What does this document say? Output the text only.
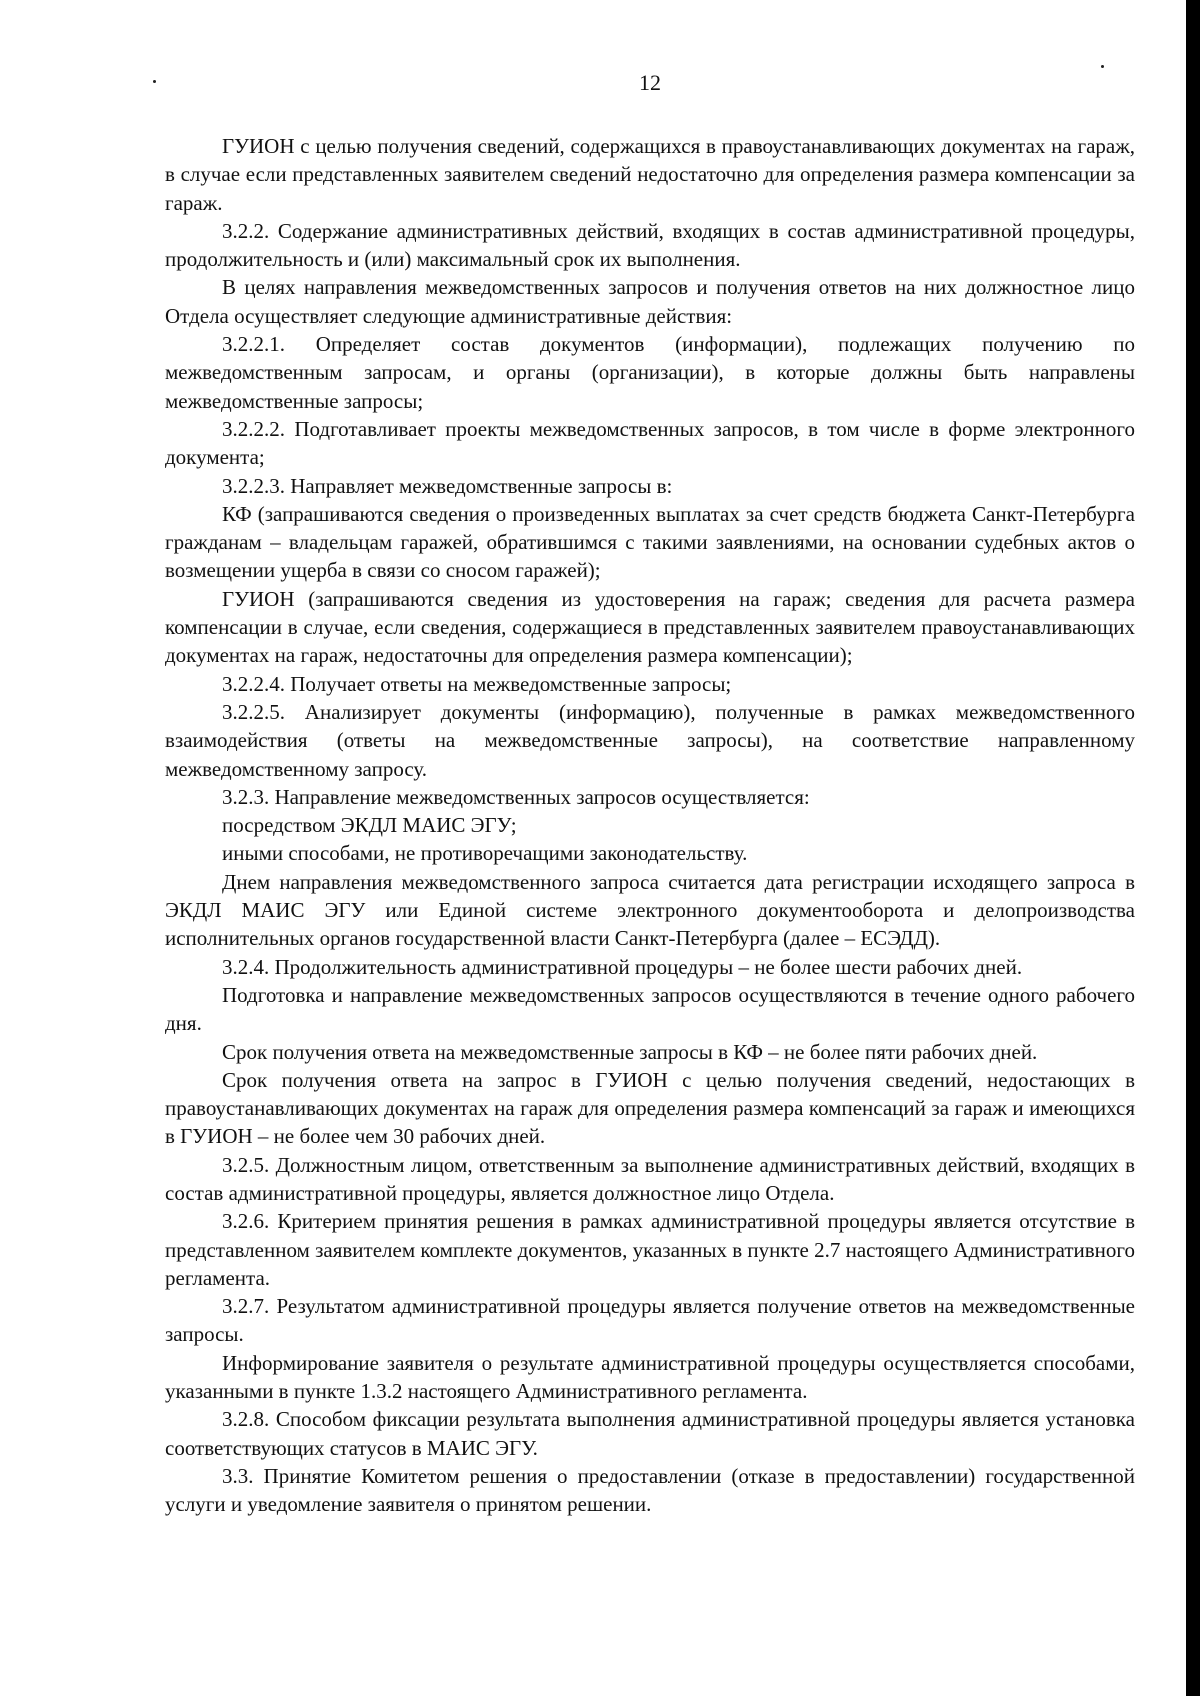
12

ГУИОН с целью получения сведений, содержащихся в правоустанавливающих документах на гараж, в случае если представленных заявителем сведений недостаточно для определения размера компенсации за гараж.

3.2.2. Содержание административных действий, входящих в состав административной процедуры, продолжительность и (или) максимальный срок их выполнения.

В целях направления межведомственных запросов и получения ответов на них должностное лицо Отдела осуществляет следующие административные действия:

3.2.2.1. Определяет состав документов (информации), подлежащих получению по межведомственным запросам, и органы (организации), в которые должны быть направлены межведомственные запросы;

3.2.2.2. Подготавливает проекты межведомственных запросов, в том числе в форме электронного документа;

3.2.2.3. Направляет межведомственные запросы в:

КФ (запрашиваются сведения о произведенных выплатах за счет средств бюджета Санкт-Петербурга гражданам – владельцам гаражей, обратившимся с такими заявлениями, на основании судебных актов о возмещении ущерба в связи со сносом гаражей);

ГУИОН (запрашиваются сведения из удостоверения на гараж; сведения для расчета размера компенсации в случае, если сведения, содержащиеся в представленных заявителем правоустанавливающих документах на гараж, недостаточны для определения размера компенсации);

3.2.2.4. Получает ответы на межведомственные запросы;

3.2.2.5. Анализирует документы (информацию), полученные в рамках межведомственного взаимодействия (ответы на межведомственные запросы), на соответствие направленному межведомственному запросу.

3.2.3. Направление межведомственных запросов осуществляется:

посредством ЭКДЛ МАИС ЭГУ;

иными способами, не противоречащими законодательству.

Днем направления межведомственного запроса считается дата регистрации исходящего запроса в ЭКДЛ МАИС ЭГУ или Единой системе электронного документооборота и делопроизводства исполнительных органов государственной власти Санкт-Петербурга (далее – ЕСЭДД).

3.2.4. Продолжительность административной процедуры – не более шести рабочих дней.

Подготовка и направление межведомственных запросов осуществляются в течение одного рабочего дня.

Срок получения ответа на межведомственные запросы в КФ – не более пяти рабочих дней.

Срок получения ответа на запрос в ГУИОН с целью получения сведений, недостающих в правоустанавливающих документах на гараж для определения размера компенсаций за гараж и имеющихся в ГУИОН – не более чем 30 рабочих дней.

3.2.5. Должностным лицом, ответственным за выполнение административных действий, входящих в состав административной процедуры, является должностное лицо Отдела.

3.2.6. Критерием принятия решения в рамках административной процедуры является отсутствие в представленном заявителем комплекте документов, указанных в пункте 2.7 настоящего Административного регламента.

3.2.7. Результатом административной процедуры является получение ответов на межведомственные запросы.

Информирование заявителя о результате административной процедуры осуществляется способами, указанными в пункте 1.3.2 настоящего Административного регламента.

3.2.8. Способом фиксации результата выполнения административной процедуры является установка соответствующих статусов в МАИС ЭГУ.

3.3. Принятие Комитетом решения о предоставлении (отказе в предоставлении) государственной услуги и уведомление заявителя о принятом решении.
